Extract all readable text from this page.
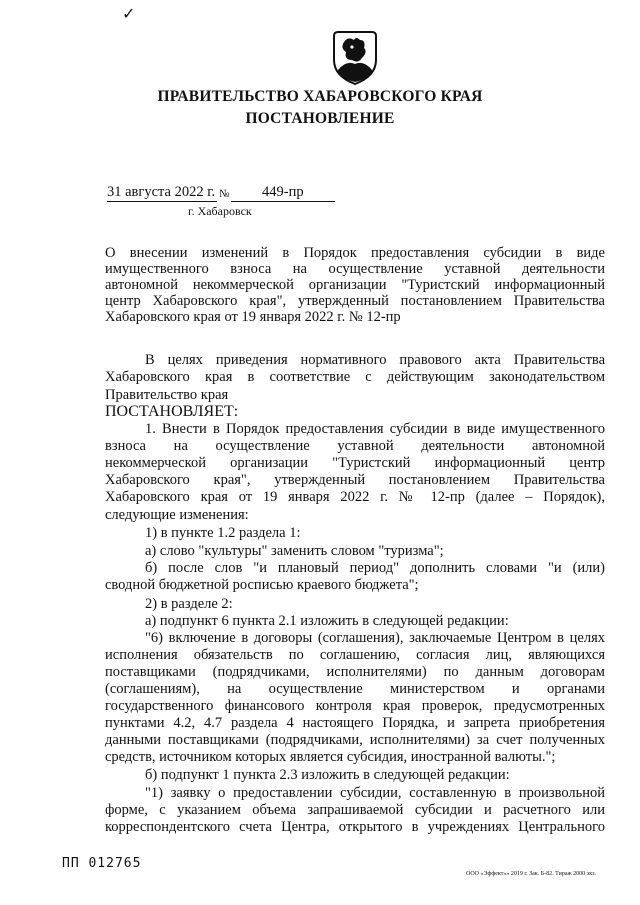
✓
ПРАВИТЕЛЬСТВО ХАБАРОВСКОГО КРАЯ
ПОСТАНОВЛЕНИЕ
31 августа 2022 г. № 449-пр
г. Хабаровск
О внесении изменений в Порядок предоставления субсидии в виде
имущественного взноса на осуществление уставной деятельности
автономной некоммерческой организации "Туристский информационный
центр Хабаровского края", утвержденный постановлением Правительства
Хабаровского края от 19 января 2022 г. № 12-пр
В целях приведения нормативного правового акта Правительства
Хабаровского края в соответствие с действующим законодательством
Правительство края
ПОСТАНОВЛЯЕТ:
1. Внести в Порядок предоставления субсидии в виде имущественного
взноса на осуществление уставной деятельности автономной
некоммерческой организации "Туристский информационный центр
Хабаровского края", утвержденный постановлением Правительства
Хабаровского края от 19 января 2022 г. № 12-пр (далее – Порядок),
следующие изменения:
1) в пункте 1.2 раздела 1:
а) слово "культуры" заменить словом "туризма";
б) после слов "и плановый период" дополнить словами "и (или)
сводной бюджетной росписью краевого бюджета";
2) в разделе 2:
а) подпункт 6 пункта 2.1 изложить в следующей редакции:
"6) включение в договоры (соглашения), заключаемые Центром в целях
исполнения обязательств по соглашению, согласия лиц, являющихся
поставщиками (подрядчиками, исполнителями) по данным договорам
(соглашениям), на осуществление министерством и органами
государственного финансового контроля края проверок, предусмотренных
пунктами 4.2, 4.7 раздела 4 настоящего Порядка, и запрета приобретения
данными поставщиками (подрядчиками, исполнителями) за счет полученных
средств, источником которых является субсидия, иностранной валюты.";
б) подпункт 1 пункта 2.3 изложить в следующей редакции:
"1) заявку о предоставлении субсидии, составленную в произвольной
форме, с указанием объема запрашиваемой субсидии и расчетного или
корреспондентского счета Центра, открытого в учреждениях Центрального
ПП 012765
ООО «Эффект»» 2019 г. Зак. Б-82. Тираж 2000 экз.
